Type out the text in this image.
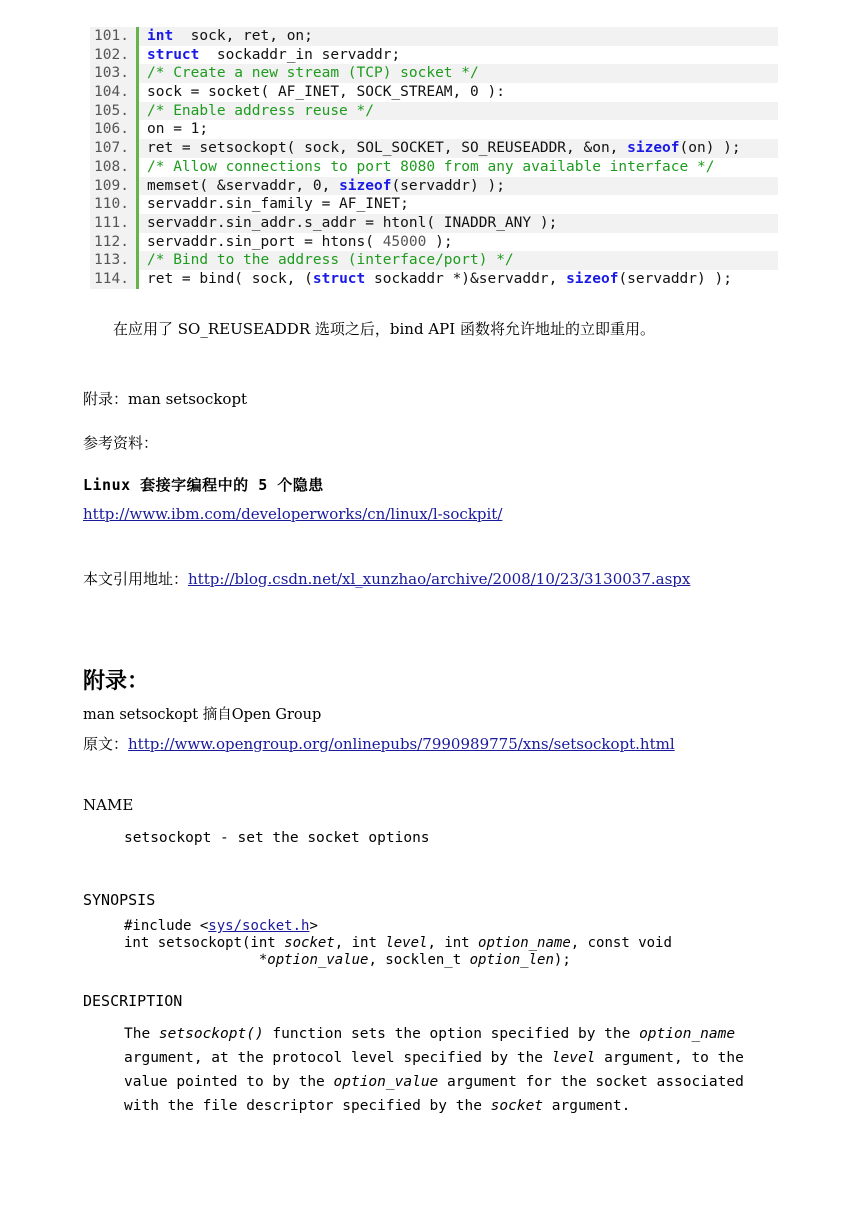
101.	int  sock, ret, on;
102.	struct  sockaddr_in servaddr;
103.	/* Create a new stream (TCP) socket */
104.	sock = socket( AF_INET, SOCK_STREAM, 0 ):
105.	/* Enable address reuse */
106.	on = 1;
107.	ret = setsockopt( sock, SOL_SOCKET, SO_REUSEADDR, &on, sizeof(on) );
108.	/* Allow connections to port 8080 from any available interface */
109.	memset( &servaddr, 0, sizeof(servaddr) );
110.	servaddr.sin_family = AF_INET;
111.	servaddr.sin_addr.s_addr = htonl( INADDR_ANY );
112.	servaddr.sin_port = htons( 45000 );
113.	/* Bind to the address (interface/port) */
114.	ret = bind( sock, (struct sockaddr *)&servaddr, sizeof(servaddr) );
在应用了 SO_REUSEADDR 选项之后，bind API 函数将允许地址的立即重用。
附录：man setsockopt
参考资料：
Linux 套接字编程中的 5 个隐患
http://www.ibm.com/developerworks/cn/linux/l-sockpit/
本文引用地址：http://blog.csdn.net/xl_xunzhao/archive/2008/10/23/3130037.aspx
附录：
man setsockopt 摘自Open Group
原文：http://www.opengroup.org/onlinepubs/7990989775/xns/setsockopt.html
NAME
setsockopt - set the socket options
SYNOPSIS
#include <sys/socket.h>
int setsockopt(int socket, int level, int option_name, const void
*option_value, socklen_t option_len);
DESCRIPTION
The setsockopt() function sets the option specified by the option_name argument, at the protocol level specified by the level argument, to the value pointed to by the option_value argument for the socket associated with the file descriptor specified by the socket argument.
